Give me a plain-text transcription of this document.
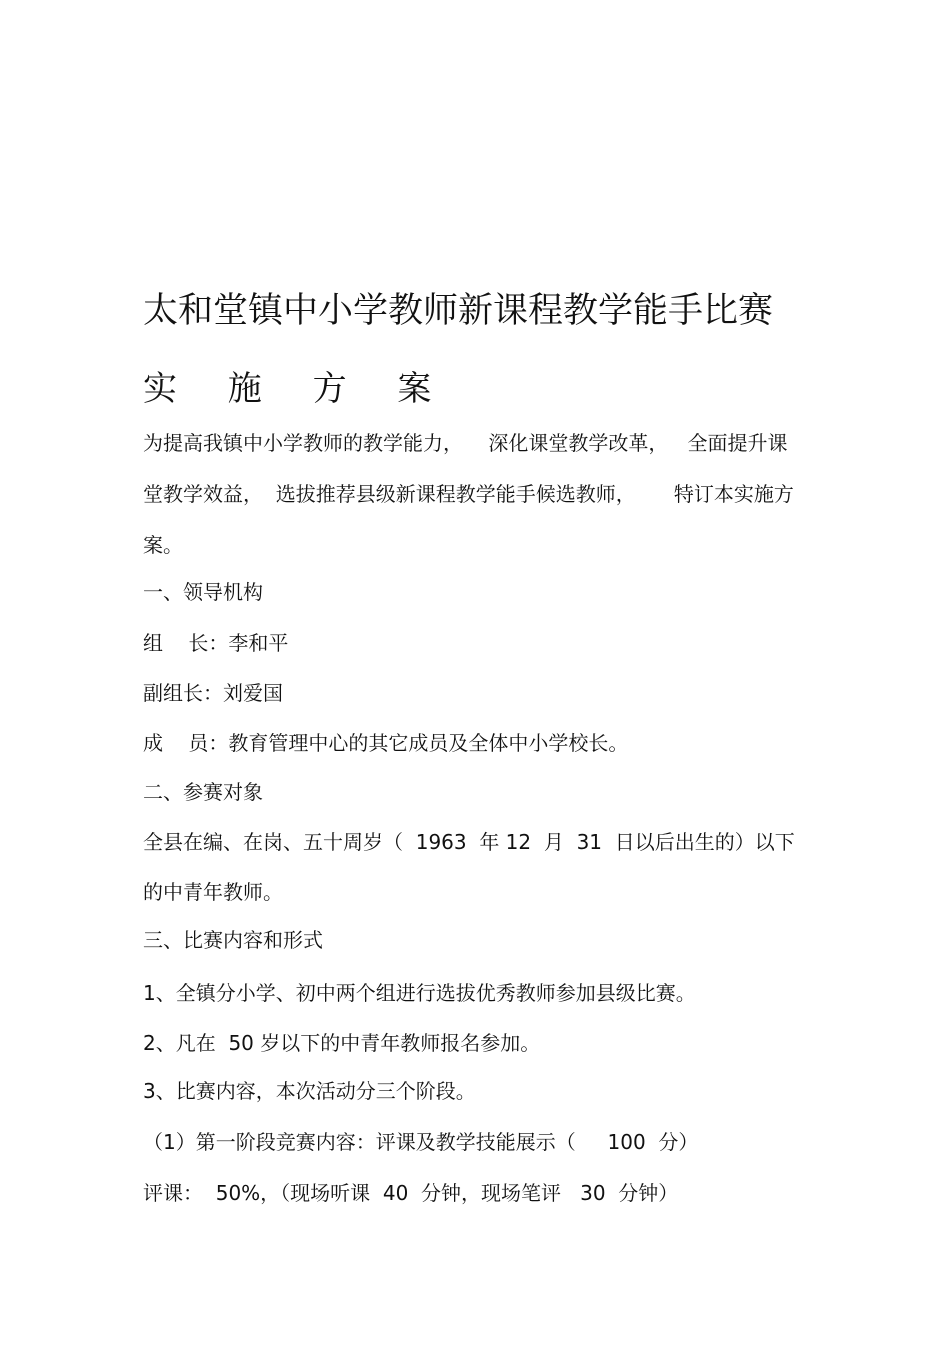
太和堂镇中小学教师新课程教学能手比赛
实 施 方 案
为提高我镇中小学教师的教学能力，    深化课堂教学改革，   全面提升课
堂教学效益，  选拔推荐县级新课程教学能手候选教师，      特订本实施方
案。
一、领导机构
组    长：李和平
副组长：刘爱国
成    员：教育管理中心的其它成员及全体中小学校长。
二、参赛对象
全县在编、在岗、五十周岁（  1963  年 12  月  31  日以后出生的）以下
的中青年教师。
三、比赛内容和形式
1、全镇分小学、初中两个组进行选拔优秀教师参加县级比赛。
2、凡在  50 岁以下的中青年教师报名参加。
3、比赛内容，本次活动分三个阶段。
（1）第一阶段竞赛内容：评课及教学技能展示（     100  分）
评课：  50%，（现场听课  40  分钟，现场笔评   30  分钟）
